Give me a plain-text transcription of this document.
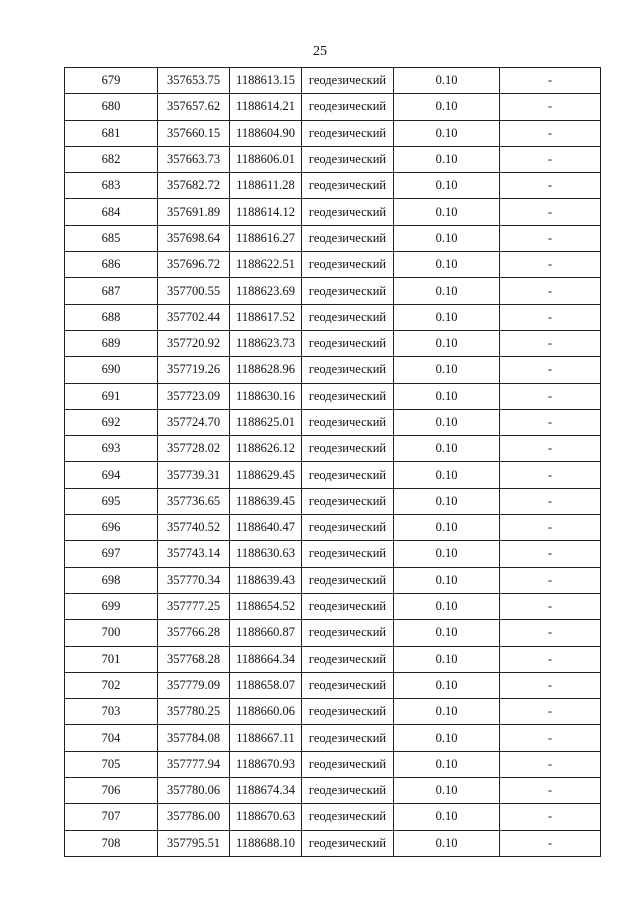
25
679	357653.75	1188613.15	геодезический	0.10	-
680	357657.62	1188614.21	геодезический	0.10	-
681	357660.15	1188604.90	геодезический	0.10	-
682	357663.73	1188606.01	геодезический	0.10	-
683	357682.72	1188611.28	геодезический	0.10	-
684	357691.89	1188614.12	геодезический	0.10	-
685	357698.64	1188616.27	геодезический	0.10	-
686	357696.72	1188622.51	геодезический	0.10	-
687	357700.55	1188623.69	геодезический	0.10	-
688	357702.44	1188617.52	геодезический	0.10	-
689	357720.92	1188623.73	геодезический	0.10	-
690	357719.26	1188628.96	геодезический	0.10	-
691	357723.09	1188630.16	геодезический	0.10	-
692	357724.70	1188625.01	геодезический	0.10	-
693	357728.02	1188626.12	геодезический	0.10	-
694	357739.31	1188629.45	геодезический	0.10	-
695	357736.65	1188639.45	геодезический	0.10	-
696	357740.52	1188640.47	геодезический	0.10	-
697	357743.14	1188630.63	геодезический	0.10	-
698	357770.34	1188639.43	геодезический	0.10	-
699	357777.25	1188654.52	геодезический	0.10	-
700	357766.28	1188660.87	геодезический	0.10	-
701	357768.28	1188664.34	геодезический	0.10	-
702	357779.09	1188658.07	геодезический	0.10	-
703	357780.25	1188660.06	геодезический	0.10	-
704	357784.08	1188667.11	геодезический	0.10	-
705	357777.94	1188670.93	геодезический	0.10	-
706	357780.06	1188674.34	геодезический	0.10	-
707	357786.00	1188670.63	геодезический	0.10	-
708	357795.51	1188688.10	геодезический	0.10	-
